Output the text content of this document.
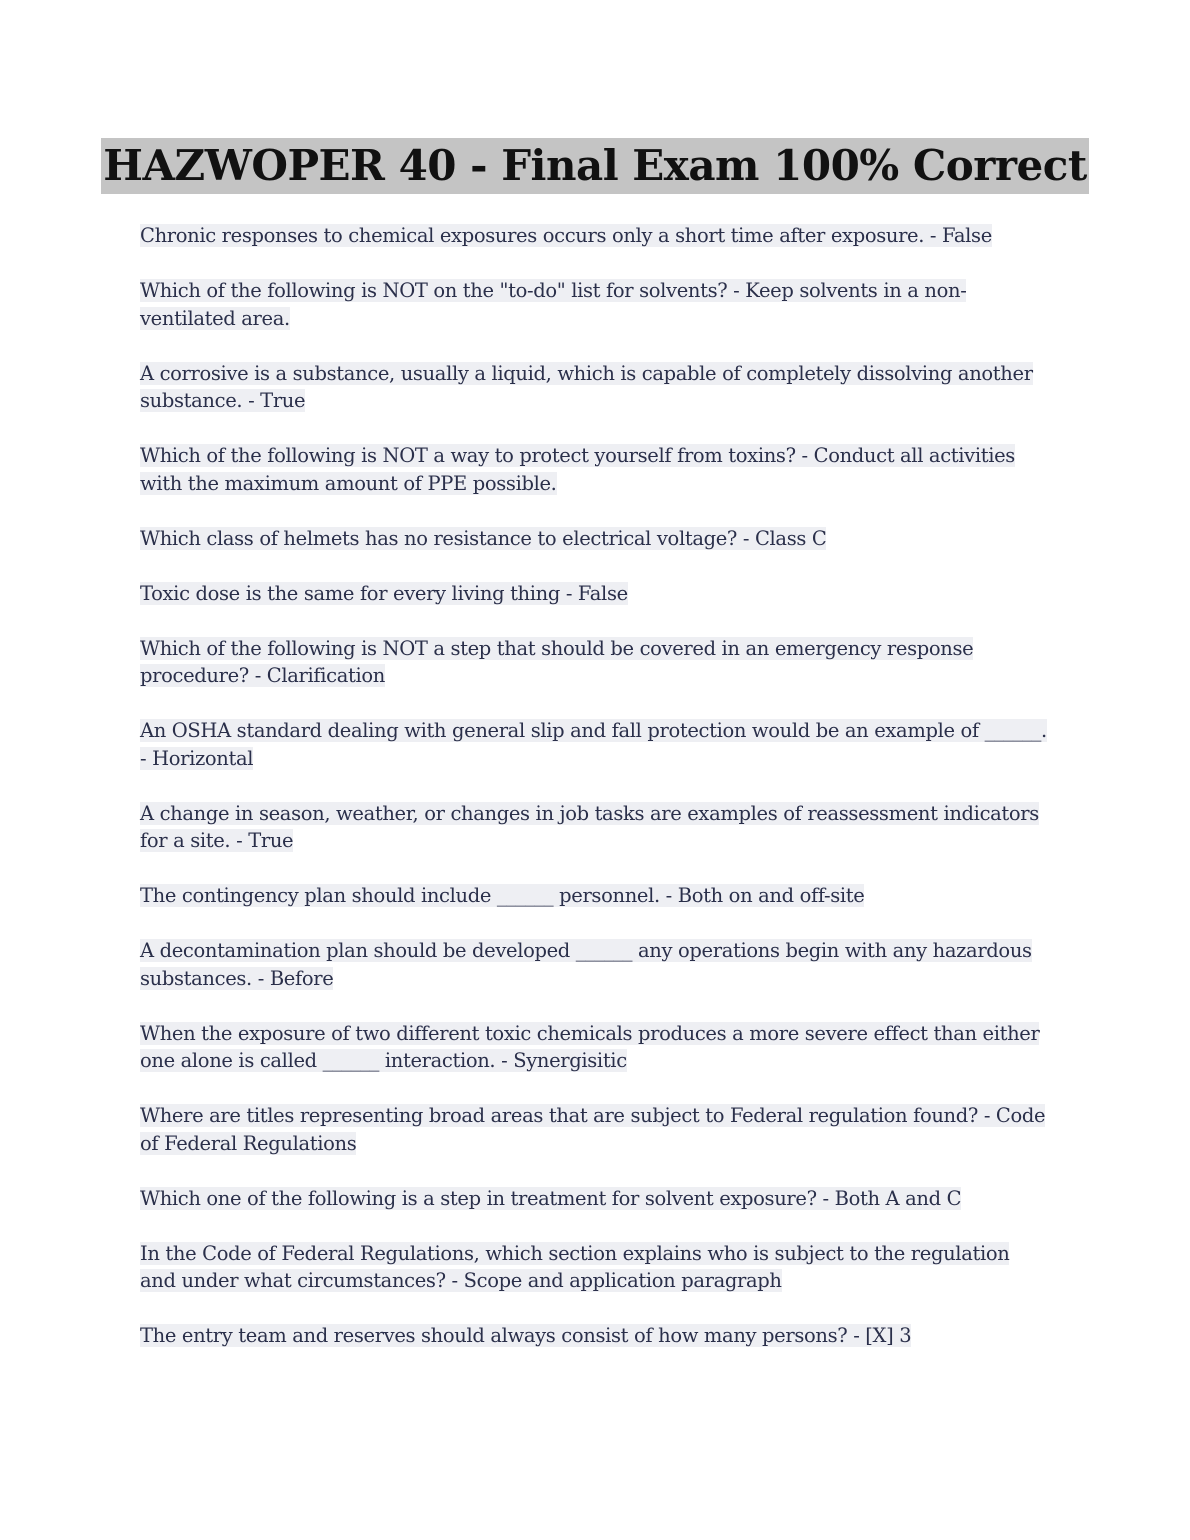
HAZWOPER 40 - Final Exam 100% Correct

Chronic responses to chemical exposures occurs only a short time after exposure. - False

Which of the following is NOT on the "to-do" list for solvents? - Keep solvents in a non-ventilated area.

A corrosive is a substance, usually a liquid, which is capable of completely dissolving another substance. - True

Which of the following is NOT a way to protect yourself from toxins? - Conduct all activities with the maximum amount of PPE possible.

Which class of helmets has no resistance to electrical voltage? - Class C

Toxic dose is the same for every living thing - False

Which of the following is NOT a step that should be covered in an emergency response procedure? - Clarification

An OSHA standard dealing with general slip and fall protection would be an example of ______. - Horizontal

A change in season, weather, or changes in job tasks are examples of reassessment indicators for a site. - True

The contingency plan should include ______ personnel. - Both on and off-site

A decontamination plan should be developed ______ any operations begin with any hazardous substances. - Before

When the exposure of two different toxic chemicals produces a more severe effect than either one alone is called ______ interaction. - Synergisitic

Where are titles representing broad areas that are subject to Federal regulation found? - Code of Federal Regulations

Which one of the following is a step in treatment for solvent exposure? - Both A and C

In the Code of Federal Regulations, which section explains who is subject to the regulation and under what circumstances? - Scope and application paragraph

The entry team and reserves should always consist of how many persons? - [X] 3
